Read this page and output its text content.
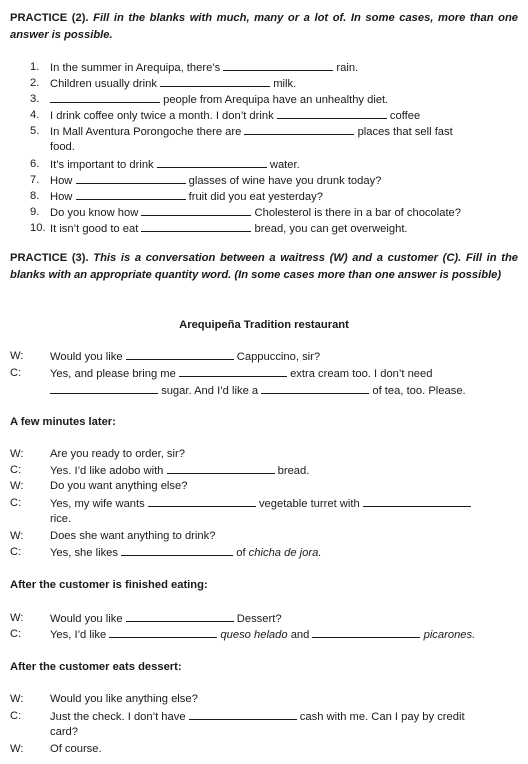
PRACTICE (2). Fill in the blanks with much, many or a lot of. In some cases, more than one answer is possible.
1. In the summer in Arequipa, there’s	rain.
2. Children usually drink	milk.
3.	people from Arequipa have an unhealthy diet.
4. I drink coffee only twice a month. I don’t drink	coffee
5. In Mall Aventura Porongoche there are	places that sell fast
food.
6. It’s important to drink	water.
7. How	glasses of wine have you drunk today?
8. How	fruit did you eat yesterday?
9. Do you know how	Cholesterol is there in a bar of chocolate?
10. It isn’t good to eat	bread, you can get overweight.
PRACTICE (3). This is a conversation between a waitress (W) and a customer (C). Fill in the blanks with an appropriate quantity word. (In some cases more than one answer is possible)
Arequipeña Tradition restaurant
W: Would you like	Cappuccino, sir?
C:	Yes, and please bring me	extra cream too. I don’t need
sugar. And I’d like a	of tea, too. Please.
A few minutes later:
W: Are you ready to order, sir?
C:	Yes. I’d like adobo with	bread.
W: Do you want anything else?
C:	Yes, my wife wants	vegetable turret with
rice.
W: Does she want anything to drink?
C:	Yes, she likes	of chicha de jora.
After the customer is finished eating:
W: Would you like	Dessert?
C:	Yes, I’d like	queso helado and	picarones.
After the customer eats dessert:
W: Would you like anything else?
C:	Just the check. I don’t have	cash with me. Can I pay by credit
card?
W: Of course.
